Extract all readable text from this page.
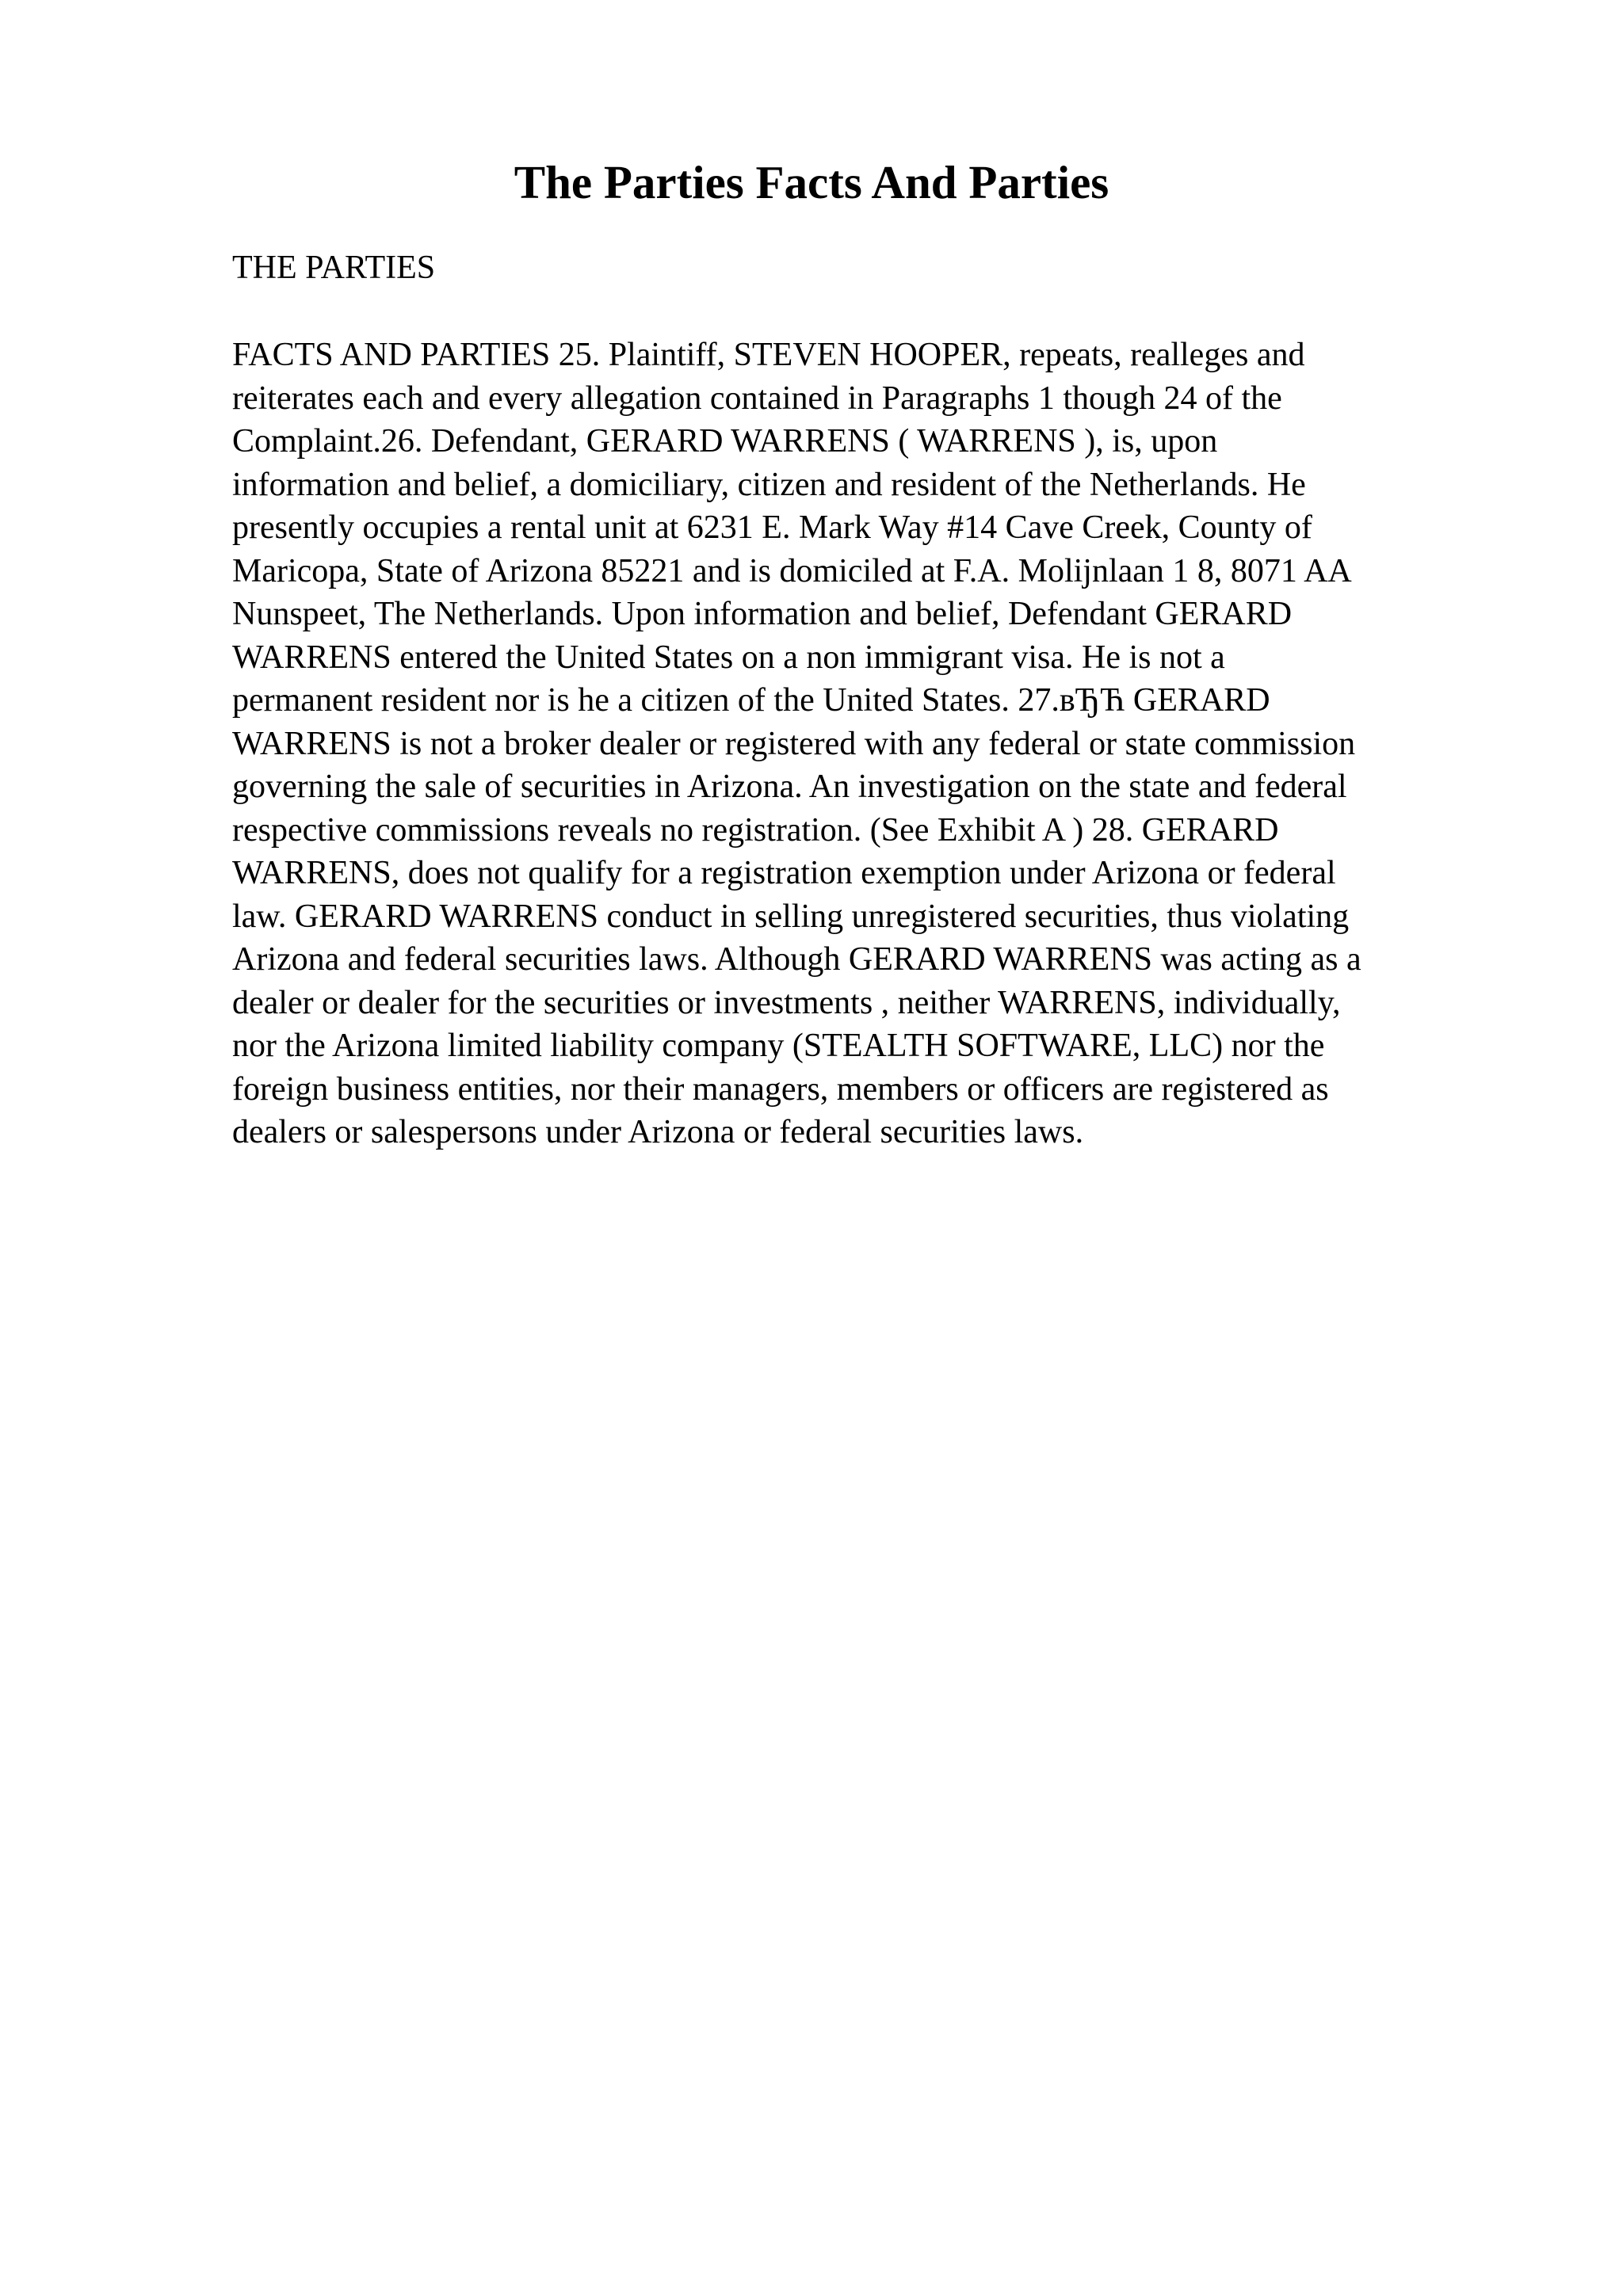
The Parties Facts And Parties

THE PARTIES

FACTS AND PARTIES 25. Plaintiff, STEVEN HOOPER, repeats, realleges and
reiterates each and every allegation contained in Paragraphs 1 though 24 of the
Complaint.26. Defendant, GERARD WARRENS ( WARRENS ), is, upon
information and belief, a domiciliary, citizen and resident of the Netherlands. He
presently occupies a rental unit at 6231 E. Mark Way #14 Cave Creek, County of
Maricopa, State of Arizona 85221 and is domiciled at F.A. Molijnlaan 1 8, 8071 AA
Nunspeet, The Netherlands. Upon information and belief, Defendant GERARD
WARRENS entered the United States on a non immigrant visa. He is not a
permanent resident nor is he a citizen of the United States. 27.вЂЋ GERARD
WARRENS is not a broker dealer or registered with any federal or state commission
governing the sale of securities in Arizona. An investigation on the state and federal
respective commissions reveals no registration. (See Exhibit A ) 28. GERARD
WARRENS, does not qualify for a registration exemption under Arizona or federal
law. GERARD WARRENS conduct in selling unregistered securities, thus violating
Arizona and federal securities laws. Although GERARD WARRENS was acting as a
dealer or dealer for the securities or investments , neither WARRENS, individually,
nor the Arizona limited liability company (STEALTH SOFTWARE, LLC) nor the
foreign business entities, nor their managers, members or officers are registered as
dealers or salespersons under Arizona or federal securities laws.
